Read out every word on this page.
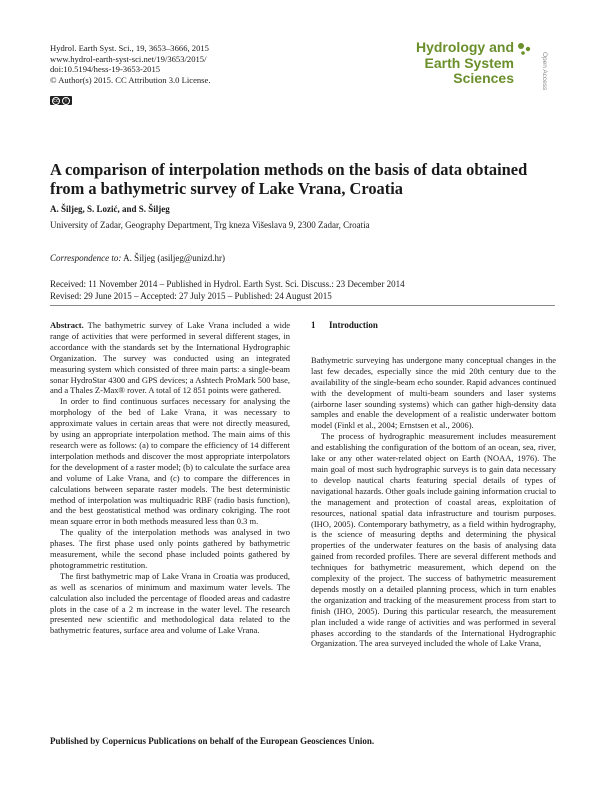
Hydrol. Earth Syst. Sci., 19, 3653–3666, 2015
www.hydrol-earth-syst-sci.net/19/3653/2015/
doi:10.5194/hess-19-3653-2015
© Author(s) 2015. CC Attribution 3.0 License.
cc	i
Hydrology and
Earth System
Sciences	Open Access
A comparison of interpolation methods on the basis of data obtained from a bathymetric survey of Lake Vrana, Croatia
A. Šiljeg, S. Lozić, and S. Šiljeg
University of Zadar, Geography Department, Trg kneza Višeslava 9, 2300 Zadar, Croatia
Correspondence to: A. Šiljeg (asiljeg@unizd.hr)
Received: 11 November 2014 – Published in Hydrol. Earth Syst. Sci. Discuss.: 23 December 2014
Revised: 29 June 2015 – Accepted: 27 July 2015 – Published: 24 August 2015

Abstract. The bathymetric survey of Lake Vrana included a wide range of activities that were performed in several different stages, in accordance with the standards set by the International Hydrographic Organization. The survey was conducted using an integrated measuring system which consisted of three main parts: a single-beam sonar HydroStar 4300 and GPS devices; a Ashtech ProMark 500 base, and a Thales Z-Max® rover. A total of 12 851 points were gathered.

In order to find continuous surfaces necessary for analysing the morphology of the bed of Lake Vrana, it was necessary to approximate values in certain areas that were not directly measured, by using an appropriate interpolation method. The main aims of this research were as follows: (a) to compare the efficiency of 14 different interpolation methods and discover the most appropriate interpolators for the development of a raster model; (b) to calculate the surface area and volume of Lake Vrana, and (c) to compare the differences in calculations between separate raster models. The best deterministic method of interpolation was multiquadric RBF (radio basis function), and the best geostatistical method was ordinary cokriging. The root mean square error in both methods measured less than 0.3 m.

The quality of the interpolation methods was analysed in two phases. The first phase used only points gathered by bathymetric measurement, while the second phase included points gathered by photogrammetric restitution.

The first bathymetric map of Lake Vrana in Croatia was produced, as well as scenarios of minimum and maximum water levels. The calculation also included the percentage of flooded areas and cadastre plots in the case of a 2 m increase in the water level. The research presented new scientific and methodological data related to the bathymetric features, surface area and volume of Lake Vrana.

1 Introduction

Bathymetric surveying has undergone many conceptual changes in the last few decades, especially since the mid 20th century due to the availability of the single-beam echo sounder. Rapid advances continued with the development of multi-beam sounders and laser systems (airborne laser sounding systems) which can gather high-density data samples and enable the development of a realistic underwater bottom model (Finkl et al., 2004; Ernstsen et al., 2006).

The process of hydrographic measurement includes measurement and establishing the configuration of the bottom of an ocean, sea, river, lake or any other water-related object on Earth (NOAA, 1976). The main goal of most such hydrographic surveys is to gain data necessary to develop nautical charts featuring special details of types of navigational hazards. Other goals include gaining information crucial to the management and protection of coastal areas, exploitation of resources, national spatial data infrastructure and tourism purposes. (IHO, 2005). Contemporary bathymetry, as a field within hydrography, is the science of measuring depths and determining the physical properties of the underwater features on the basis of analysing data gained from recorded profiles. There are several different methods and techniques for bathymetric measurement, which depend on the complexity of the project. The success of bathymetric measurement depends mostly on a detailed planning process, which in turn enables the organization and tracking of the measurement process from start to finish (IHO, 2005). During this particular research, the measurement plan included a wide range of activities and was performed in several phases according to the standards of the International Hydrographic Organization. The area surveyed included the whole of Lake Vrana,

Published by Copernicus Publications on behalf of the European Geosciences Union.
